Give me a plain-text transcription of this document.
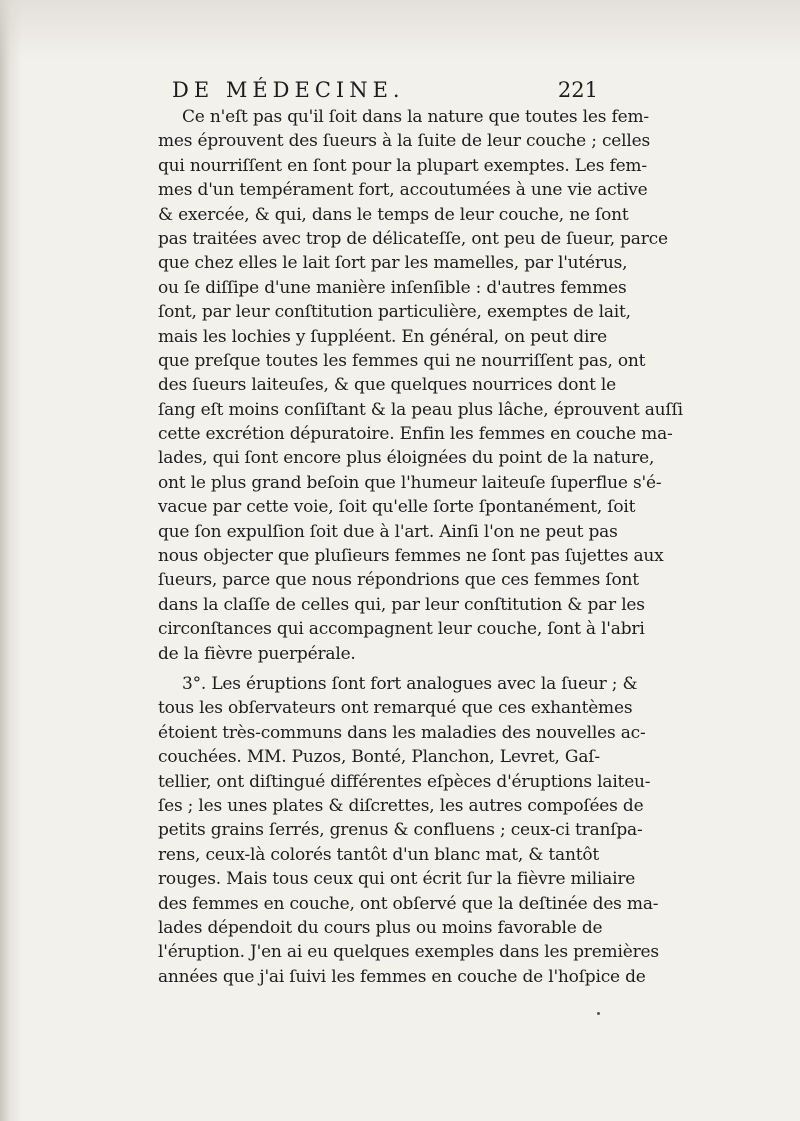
DE MÉDECINE.	221
Ce n'eſt pas qu'il ſoit dans la nature que toutes les fem-
mes éprouvent des ſueurs à la ſuite de leur couche ; celles
qui nourriſſent en ſont pour la plupart exemptes. Les fem-
mes d'un tempérament fort, accoutumées à une vie active
& exercée, & qui, dans le temps de leur couche, ne ſont
pas traitées avec trop de délicateſſe, ont peu de ſueur, parce
que chez elles le lait ſort par les mamelles, par l'utérus,
ou ſe diſſipe d'une manière inſenſible : d'autres femmes
ſont, par leur conſtitution particulière, exemptes de lait,
mais les lochies y ſuppléent. En général, on peut dire
que preſque toutes les femmes qui ne nourriſſent pas, ont
des ſueurs laiteuſes, & que quelques nourrices dont le
ſang eſt moins conſiſtant & la peau plus lâche, éprouvent auſſi
cette excrétion dépuratoire. Enfin les femmes en couche ma-
lades, qui ſont encore plus éloignées du point de la nature,
ont le plus grand beſoin que l'humeur laiteuſe ſuperflue s'é-
vacue par cette voie, ſoit qu'elle ſorte ſpontanément, ſoit
que ſon expulſion ſoit due à l'art. Ainſi l'on ne peut pas
nous objecter que pluſieurs femmes ne ſont pas ſujettes aux
ſueurs, parce que nous répondrions que ces femmes ſont
dans la claſſe de celles qui, par leur conſtitution & par les
circonſtances qui accompagnent leur couche, ſont à l'abri
de la fièvre puerpérale.
3°. Les éruptions ſont fort analogues avec la ſueur ; &
tous les obſervateurs ont remarqué que ces exhantèmes
étoient très-communs dans les maladies des nouvelles ac-
couchées. MM. Puzos, Bonté, Planchon, Levret, Gaſ-
tellier, ont diſtingué différentes eſpèces d'éruptions laiteu-
ſes ; les unes plates & diſcrettes, les autres compoſées de
petits grains ſerrés, grenus & confluens ; ceux-ci tranſpa-
rens, ceux-là colorés tantôt d'un blanc mat, & tantôt
rouges. Mais tous ceux qui ont écrit ſur la fièvre miliaire
des femmes en couche, ont obſervé que la deſtinée des ma-
lades dépendoit du cours plus ou moins favorable de
l'éruption. J'en ai eu quelques exemples dans les premières
années que j'ai ſuivi les femmes en couche de l'hoſpice de
